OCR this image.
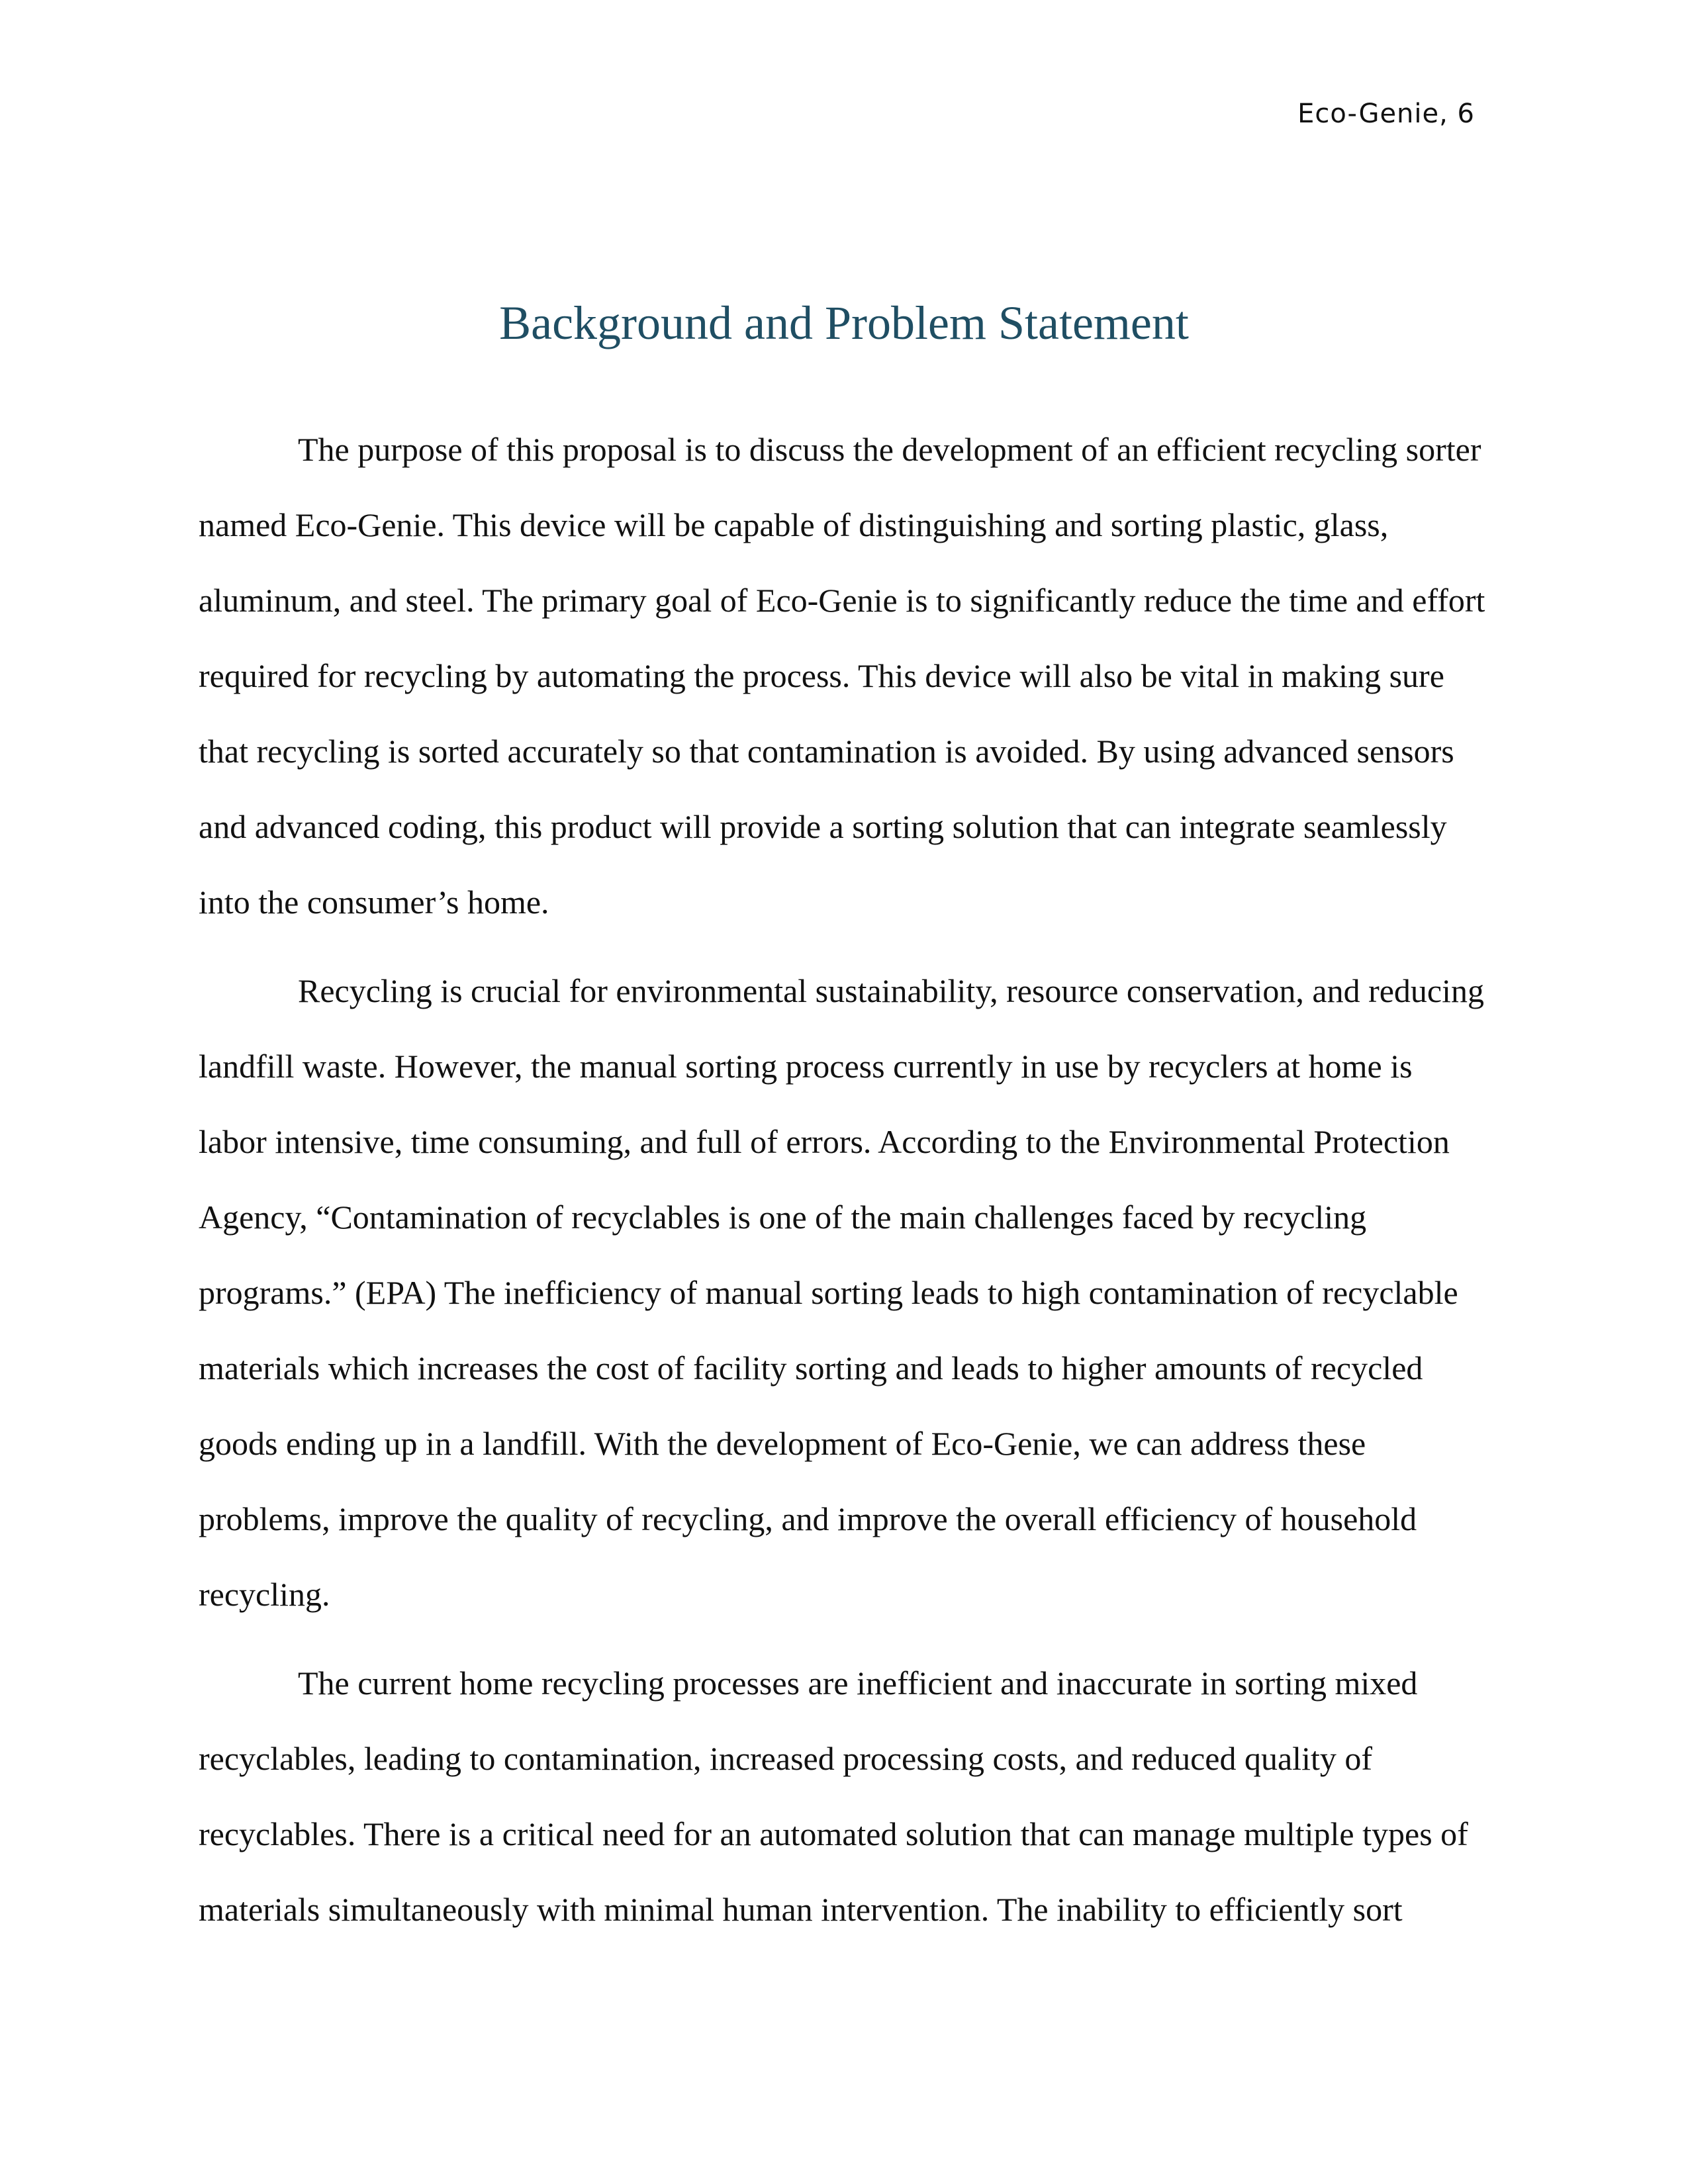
Eco-Genie, 6
Background and Problem Statement

The purpose of this proposal is to discuss the development of an efficient recycling sorter
named Eco-Genie. This device will be capable of distinguishing and sorting plastic, glass,
aluminum, and steel. The primary goal of Eco-Genie is to significantly reduce the time and effort
required for recycling by automating the process. This device will also be vital in making sure
that recycling is sorted accurately so that contamination is avoided. By using advanced sensors
and advanced coding, this product will provide a sorting solution that can integrate seamlessly
into the consumer’s home.

Recycling is crucial for environmental sustainability, resource conservation, and reducing
landfill waste. However, the manual sorting process currently in use by recyclers at home is
labor intensive, time consuming, and full of errors. According to the Environmental Protection
Agency, “Contamination of recyclables is one of the main challenges faced by recycling
programs.” (EPA) The inefficiency of manual sorting leads to high contamination of recyclable
materials which increases the cost of facility sorting and leads to higher amounts of recycled
goods ending up in a landfill. With the development of Eco-Genie, we can address these
problems, improve the quality of recycling, and improve the overall efficiency of household
recycling.

The current home recycling processes are inefficient and inaccurate in sorting mixed
recyclables, leading to contamination, increased processing costs, and reduced quality of
recyclables. There is a critical need for an automated solution that can manage multiple types of
materials simultaneously with minimal human intervention. The inability to efficiently sort
